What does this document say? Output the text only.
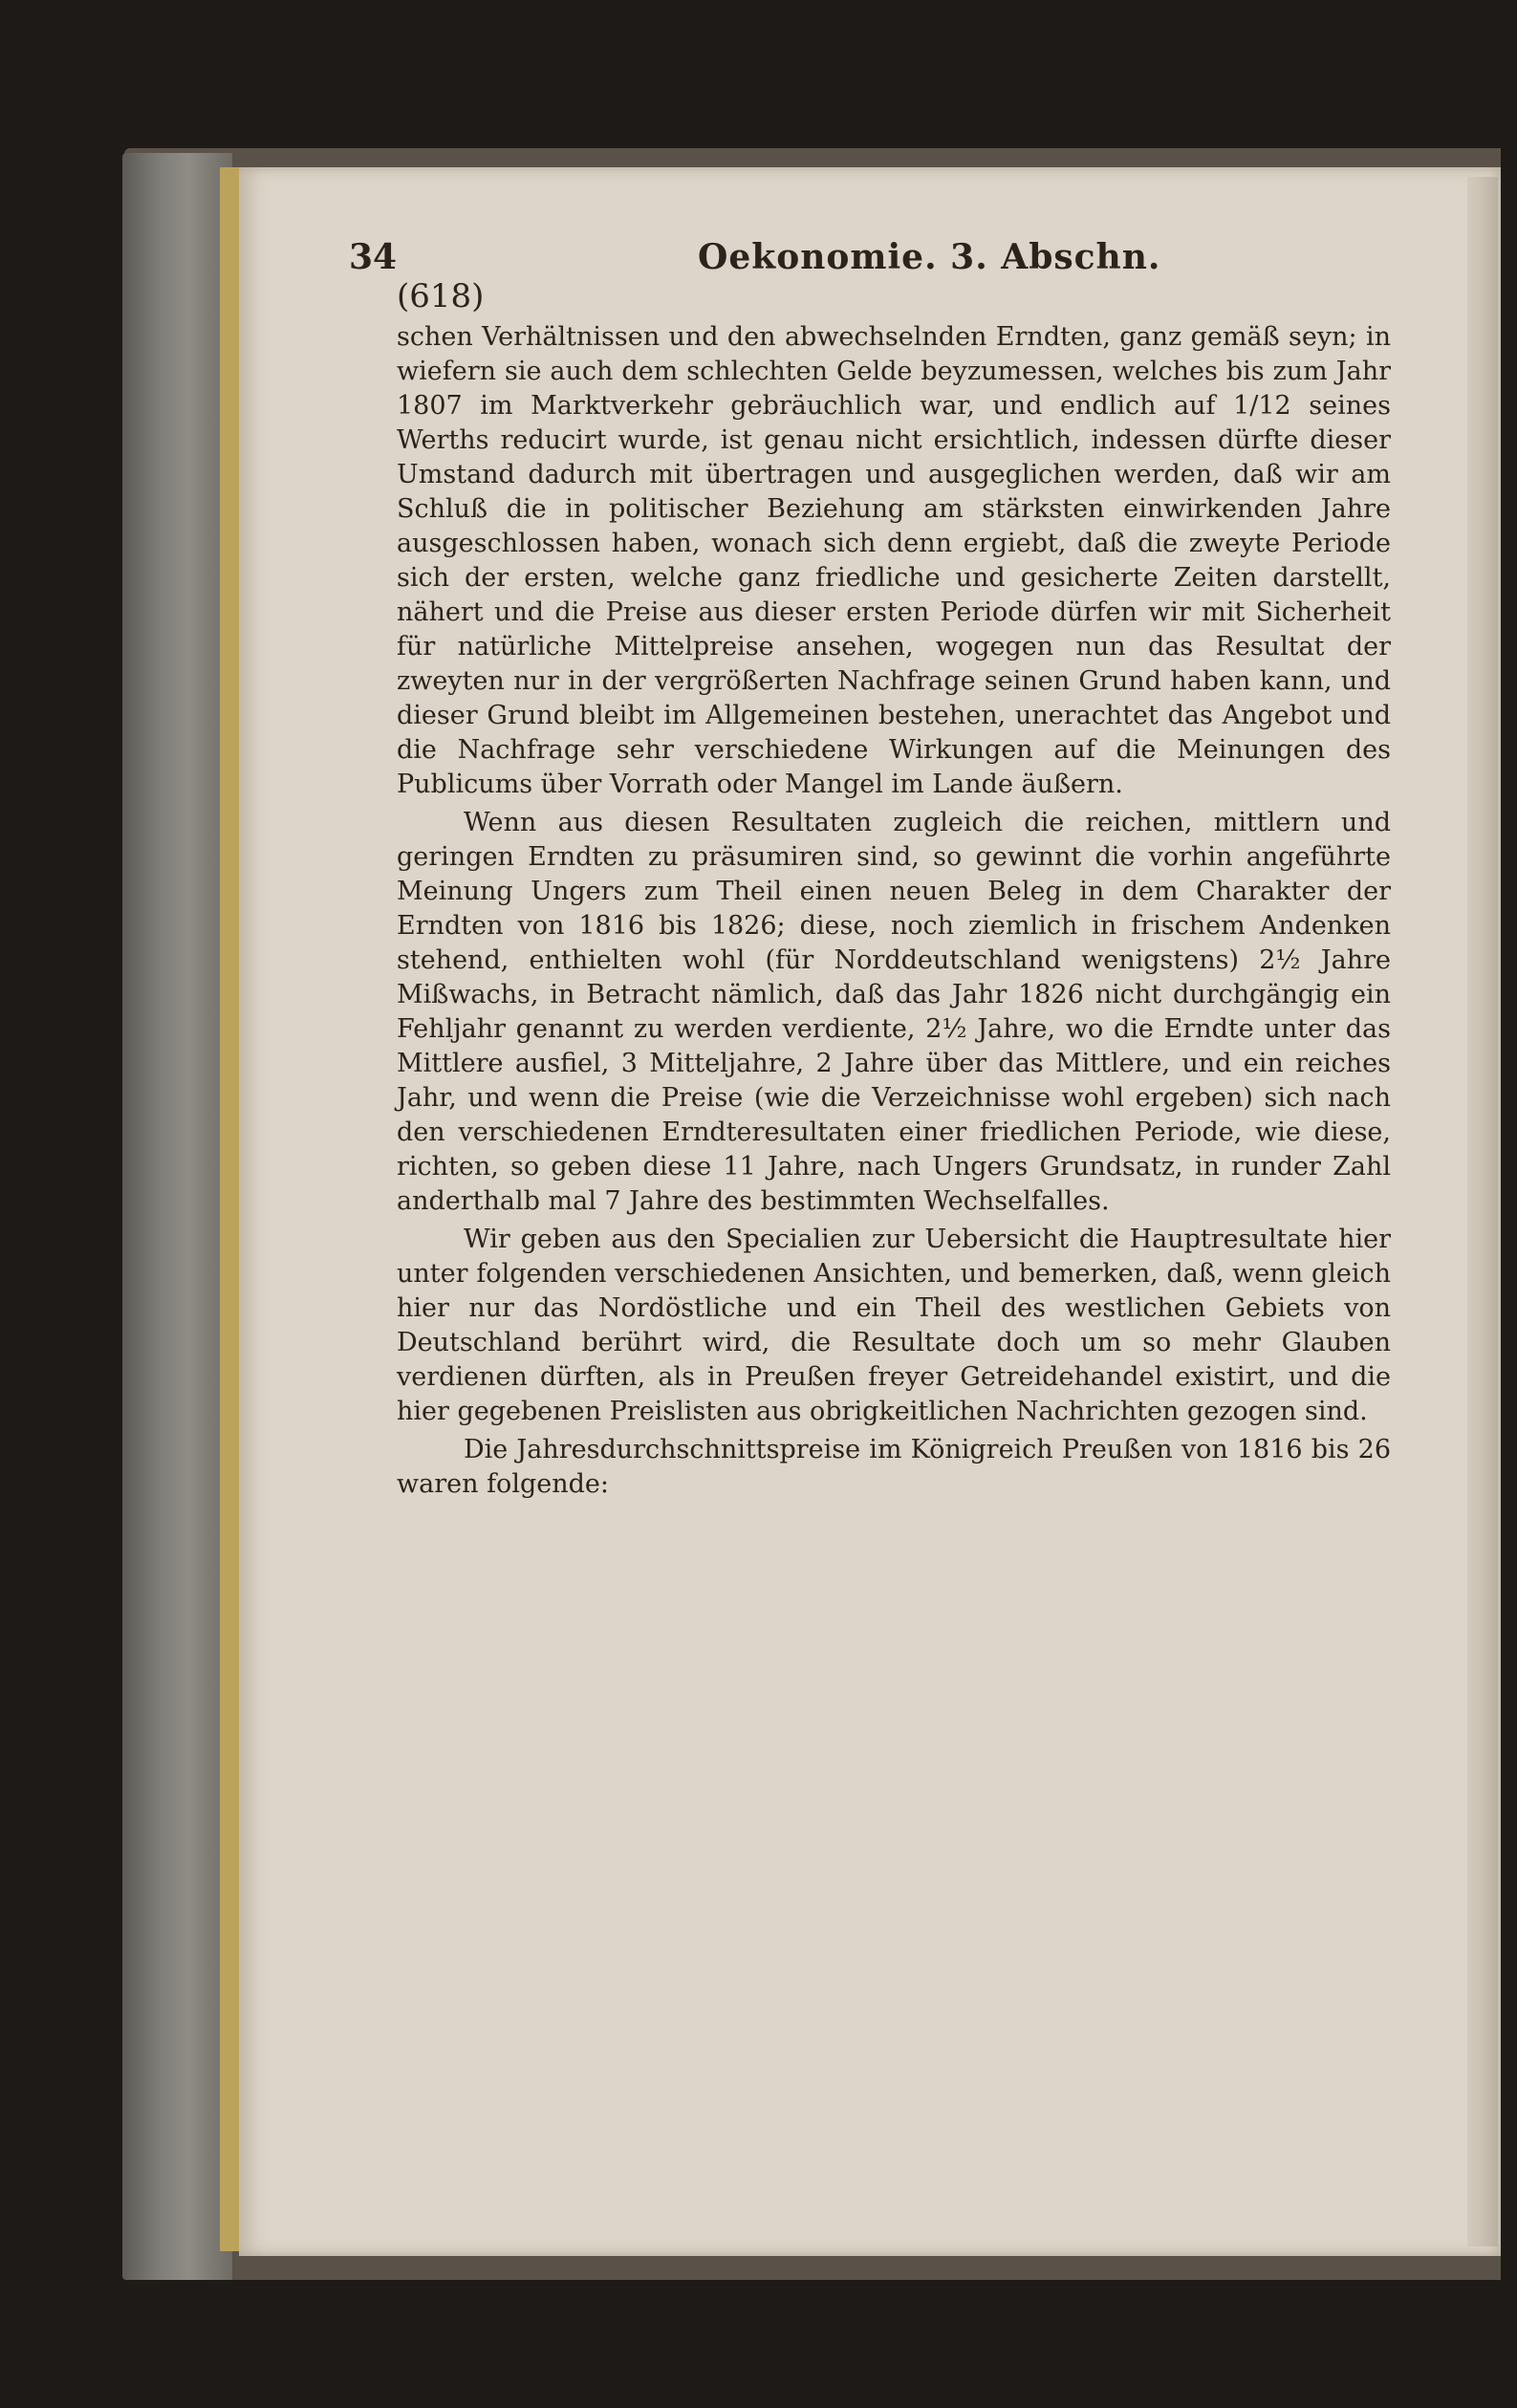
34	Oekonomie. 3. Abschn.
(618)

schen Verhältnissen und den abwechselnden Erndten, ganz gemäß seyn; in wiefern sie auch dem schlechten Gelde beyzumessen, welches bis zum Jahr 1807 im Marktverkehr gebräuchlich war, und endlich auf 1/12 seines Werths reducirt wurde, ist genau nicht ersichtlich, indessen dürfte dieser Umstand dadurch mit übertragen und ausgeglichen werden, daß wir am Schluß die in politischer Beziehung am stärksten einwirkenden Jahre ausgeschlossen haben, wonach sich denn ergiebt, daß die zweyte Periode sich der ersten, welche ganz friedliche und gesicherte Zeiten darstellt, nähert und die Preise aus dieser ersten Periode dürfen wir mit Sicherheit für natürliche Mittelpreise ansehen, wogegen nun das Resultat der zweyten nur in der vergrößerten Nachfrage seinen Grund haben kann, und dieser Grund bleibt im Allgemeinen bestehen, unerachtet das Angebot und die Nachfrage sehr verschiedene Wirkungen auf die Meinungen des Publicums über Vorrath oder Mangel im Lande äußern.

Wenn aus diesen Resultaten zugleich die reichen, mittlern und geringen Erndten zu präsumiren sind, so gewinnt die vorhin angeführte Meinung Ungers zum Theil einen neuen Beleg in dem Charakter der Erndten von 1816 bis 1826; diese, noch ziemlich in frischem Andenken stehend, enthielten wohl (für Norddeutschland wenigstens) 2½ Jahre Mißwachs, in Betracht nämlich, daß das Jahr 1826 nicht durchgängig ein Fehljahr genannt zu werden verdiente, 2½ Jahre, wo die Erndte unter das Mittlere ausfiel, 3 Mitteljahre, 2 Jahre über das Mittlere, und ein reiches Jahr, und wenn die Preise (wie die Verzeichnisse wohl ergeben) sich nach den verschiedenen Erndteresultaten einer friedlichen Periode, wie diese, richten, so geben diese 11 Jahre, nach Ungers Grundsatz, in runder Zahl anderthalb mal 7 Jahre des bestimmten Wechselfalles.

Wir geben aus den Specialien zur Uebersicht die Hauptresultate hier unter folgenden verschiedenen Ansichten, und bemerken, daß, wenn gleich hier nur das Nordöstliche und ein Theil des westlichen Gebiets von Deutschland berührt wird, die Resultate doch um so mehr Glauben verdienen dürften, als in Preußen freyer Getreidehandel existirt, und die hier gegebenen Preislisten aus obrigkeitlichen Nachrichten gezogen sind.

Die Jahresdurchschnittspreise im Königreich Preußen von 1816 bis 26 waren folgende:
